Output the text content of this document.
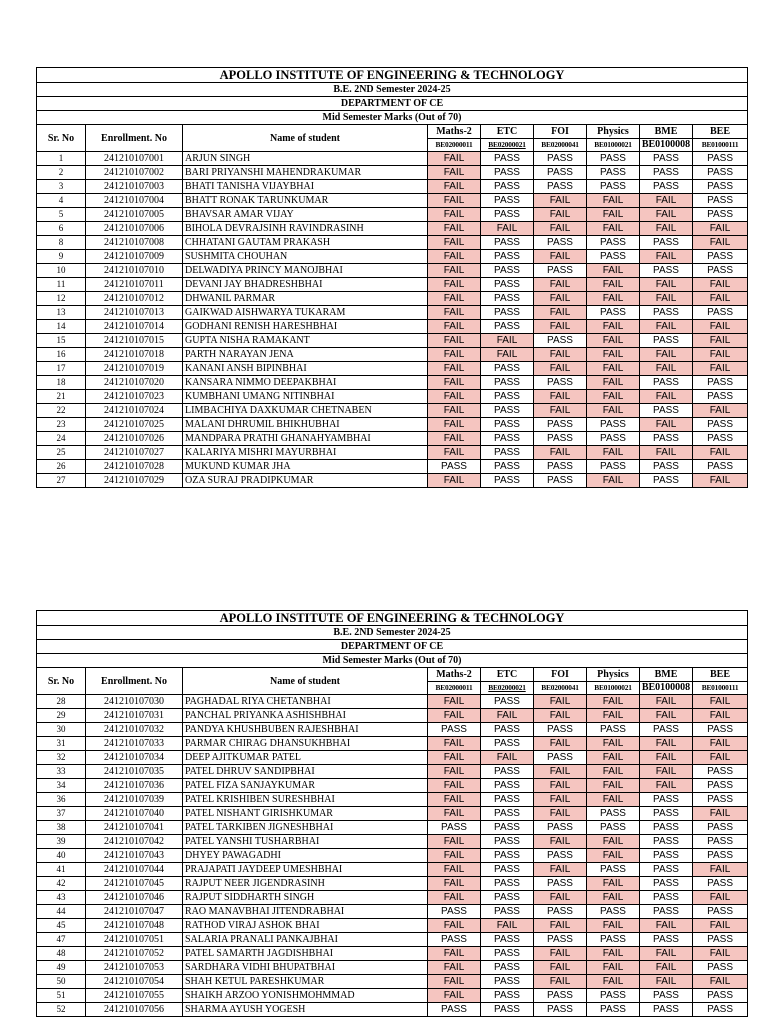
APOLLO INSTITUTE OF ENGINEERING & TECHNOLOGY								
B.E. 2ND Semester 2024-25								
DEPARTMENT OF CE								
Mid Semester Marks (Out of 70)								
Sr. No	Enrollment. No	Name of student	Maths-2	ETC	FOI	Physics	BME	BEE
			BE02000011	BE02000021	BE02000041	BE01000021	BE0100008	BE01000111
1	241210107001	ARJUN SINGH	FAIL	PASS	PASS	PASS	PASS	PASS
2	241210107002	BARI PRIYANSHI MAHENDRAKUMAR	FAIL	PASS	PASS	PASS	PASS	PASS
3	241210107003	BHATI TANISHA VIJAYBHAI	FAIL	PASS	PASS	PASS	PASS	PASS
4	241210107004	BHATT RONAK TARUNKUMAR	FAIL	PASS	FAIL	FAIL	FAIL	PASS
5	241210107005	BHAVSAR AMAR VIJAY	FAIL	PASS	FAIL	FAIL	FAIL	PASS
6	241210107006	BIHOLA DEVRAJSINH RAVINDRASINH	FAIL	FAIL	FAIL	FAIL	FAIL	FAIL
8	241210107008	CHHATANI GAUTAM PRAKASH	FAIL	PASS	PASS	PASS	PASS	FAIL
9	241210107009	SUSHMITA CHOUHAN	FAIL	PASS	FAIL	PASS	FAIL	PASS
10	241210107010	DELWADIYA PRINCY MANOJBHAI	FAIL	PASS	PASS	FAIL	PASS	PASS
11	241210107011	DEVANI JAY BHADRESHBHAI	FAIL	PASS	FAIL	FAIL	FAIL	FAIL
12	241210107012	DHWANIL PARMAR	FAIL	PASS	FAIL	FAIL	FAIL	FAIL
13	241210107013	GAIKWAD AISHWARYA TUKARAM	FAIL	PASS	FAIL	PASS	PASS	PASS
14	241210107014	GODHANI RENISH HARESHBHAI	FAIL	PASS	FAIL	FAIL	FAIL	FAIL
15	241210107015	GUPTA NISHA RAMAKANT	FAIL	FAIL	PASS	FAIL	PASS	FAIL
16	241210107018	PARTH NARAYAN JENA	FAIL	FAIL	FAIL	FAIL	FAIL	FAIL
17	241210107019	KANANI ANSH BIPINBHAI	FAIL	PASS	FAIL	FAIL	FAIL	FAIL
18	241210107020	KANSARA NIMMO DEEPAKBHAI	FAIL	PASS	PASS	FAIL	PASS	PASS
21	241210107023	KUMBHANI UMANG NITINBHAI	FAIL	PASS	FAIL	FAIL	FAIL	PASS
22	241210107024	LIMBACHIYA DAXKUMAR CHETNABEN	FAIL	PASS	FAIL	FAIL	PASS	FAIL
23	241210107025	MALANI DHRUMIL BHIKHUBHAI	FAIL	PASS	PASS	PASS	FAIL	PASS
24	241210107026	MANDPARA PRATHI GHANAHYAMBHAI	FAIL	PASS	PASS	PASS	PASS	PASS
25	241210107027	KALARIYA MISHRI MAYURBHAI	FAIL	PASS	FAIL	FAIL	FAIL	FAIL
26	241210107028	MUKUND KUMAR JHA	PASS	PASS	PASS	PASS	PASS	PASS
27	241210107029	OZA SURAJ PRADIPKUMAR	FAIL	PASS	PASS	FAIL	PASS	FAIL
APOLLO INSTITUTE OF ENGINEERING & TECHNOLOGY								
B.E. 2ND Semester 2024-25								
DEPARTMENT OF CE								
Mid Semester Marks (Out of 70)								
Sr. No	Enrollment. No	Name of student	Maths-2	ETC	FOI	Physics	BME	BEE
			BE02000011	BE02000021	BE02000041	BE01000021	BE0100008	BE01000111
28	241210107030	PAGHADAL RIYA CHETANBHAI	FAIL	PASS	FAIL	FAIL	FAIL	FAIL
29	241210107031	PANCHAL PRIYANKA ASHISHBHAI	FAIL	FAIL	FAIL	FAIL	FAIL	FAIL
30	241210107032	PANDYA KHUSHBUBEN RAJESHBHAI	PASS	PASS	PASS	PASS	PASS	PASS
31	241210107033	PARMAR CHIRAG DHANSUKHBHAI	FAIL	PASS	FAIL	FAIL	FAIL	FAIL
32	241210107034	DEEP AJITKUMAR PATEL	FAIL	FAIL	PASS	FAIL	FAIL	FAIL
33	241210107035	PATEL DHRUV SANDIPBHAI	FAIL	PASS	FAIL	FAIL	FAIL	PASS
34	241210107036	PATEL FIZA SANJAYKUMAR	FAIL	PASS	FAIL	FAIL	FAIL	PASS
36	241210107039	PATEL KRISHIBEN SURESHBHAI	FAIL	PASS	FAIL	FAIL	PASS	PASS
37	241210107040	PATEL NISHANT GIRISHKUMAR	FAIL	PASS	FAIL	PASS	PASS	FAIL
38	241210107041	PATEL TARKIBEN JIGNESHBHAI	PASS	PASS	PASS	PASS	PASS	PASS
39	241210107042	PATEL YANSHI TUSHARBHAI	FAIL	PASS	FAIL	FAIL	PASS	PASS
40	241210107043	DHYEY PAWAGADHI	FAIL	PASS	PASS	FAIL	PASS	PASS
41	241210107044	PRAJAPATI JAYDEEP UMESHBHAI	FAIL	PASS	FAIL	PASS	PASS	FAIL
42	241210107045	RAJPUT NEER JIGENDRASINH	FAIL	PASS	PASS	FAIL	PASS	PASS
43	241210107046	RAJPUT SIDDHARTH SINGH	FAIL	PASS	FAIL	FAIL	PASS	FAIL
44	241210107047	RAO MANAVBHAI JITENDRABHAI	PASS	PASS	PASS	PASS	PASS	PASS
45	241210107048	RATHOD VIRAJ ASHOK BHAI	FAIL	FAIL	FAIL	FAIL	FAIL	FAIL
47	241210107051	SALARIA PRANALI PANKAJBHAI	PASS	PASS	PASS	PASS	PASS	PASS
48	241210107052	PATEL SAMARTH JAGDISHBHAI	FAIL	PASS	FAIL	FAIL	FAIL	FAIL
49	241210107053	SARDHARA VIDHI BHUPATBHAI	FAIL	PASS	FAIL	FAIL	FAIL	PASS
50	241210107054	SHAH KETUL PARESHKUMAR	FAIL	PASS	FAIL	FAIL	FAIL	FAIL
51	241210107055	SHAIKH ARZOO YONISHMOHMMAD	FAIL	PASS	PASS	PASS	PASS	PASS
52	241210107056	SHARMA AYUSH YOGESH	PASS	PASS	PASS	PASS	PASS	PASS
